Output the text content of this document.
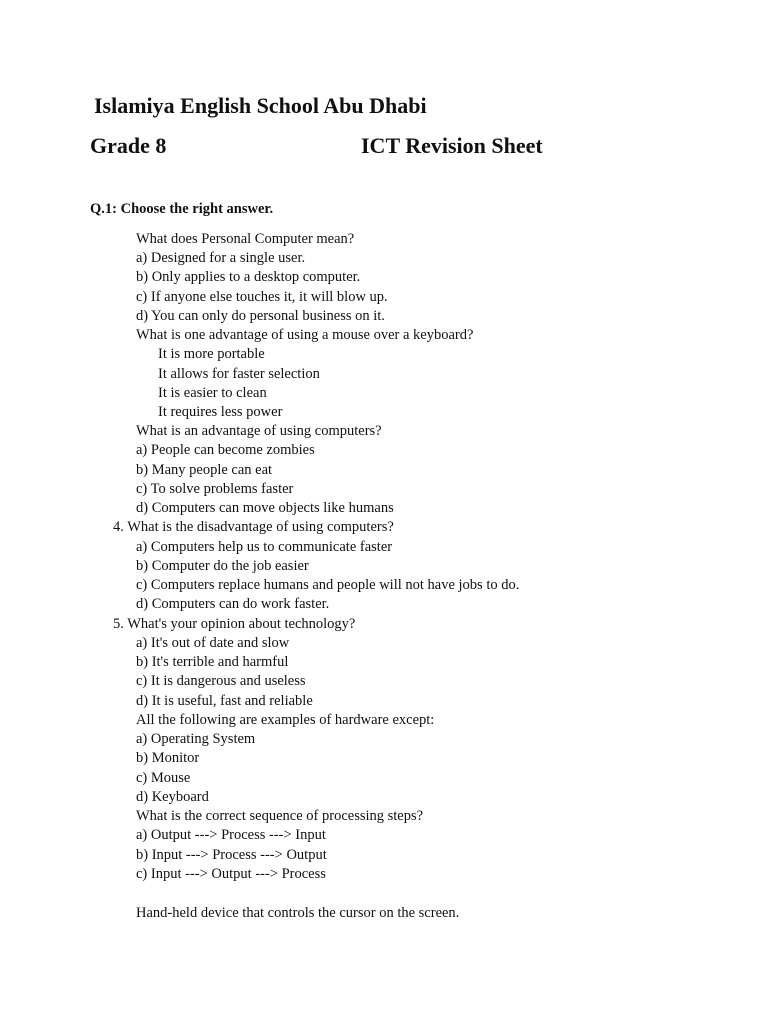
Islamiya English School Abu Dhabi
Grade 8	ICT Revision Sheet
Q.1: Choose the right answer.
What does Personal Computer mean?
a) Designed for a single user.
b) Only applies to a desktop computer.
c) If anyone else touches it, it will blow up.
d) You can only do personal business on it.
What is one advantage of using a mouse over a keyboard?
It is more portable
It allows for faster selection
It is easier to clean
It requires less power
What is an advantage of using computers?
a) People can become zombies
b) Many people can eat
c) To solve problems faster
d) Computers can move objects like humans
4. What is the disadvantage of using computers?
a) Computers help us to communicate faster
b) Computer do the job easier
c) Computers replace humans and people will not have jobs to do.
d) Computers can do work faster.
5. What's your opinion about technology?
a) It's out of date and slow
b) It's terrible and harmful
c) It is dangerous and useless
d) It is useful, fast and reliable
All the following are examples of hardware except:
a) Operating System
b) Monitor
c) Mouse
d) Keyboard
What is the correct sequence of processing steps?
a) Output ---> Process ---> Input
b) Input ---> Process ---> Output
c) Input ---> Output ---> Process
Hand-held device that controls the cursor on the screen.
